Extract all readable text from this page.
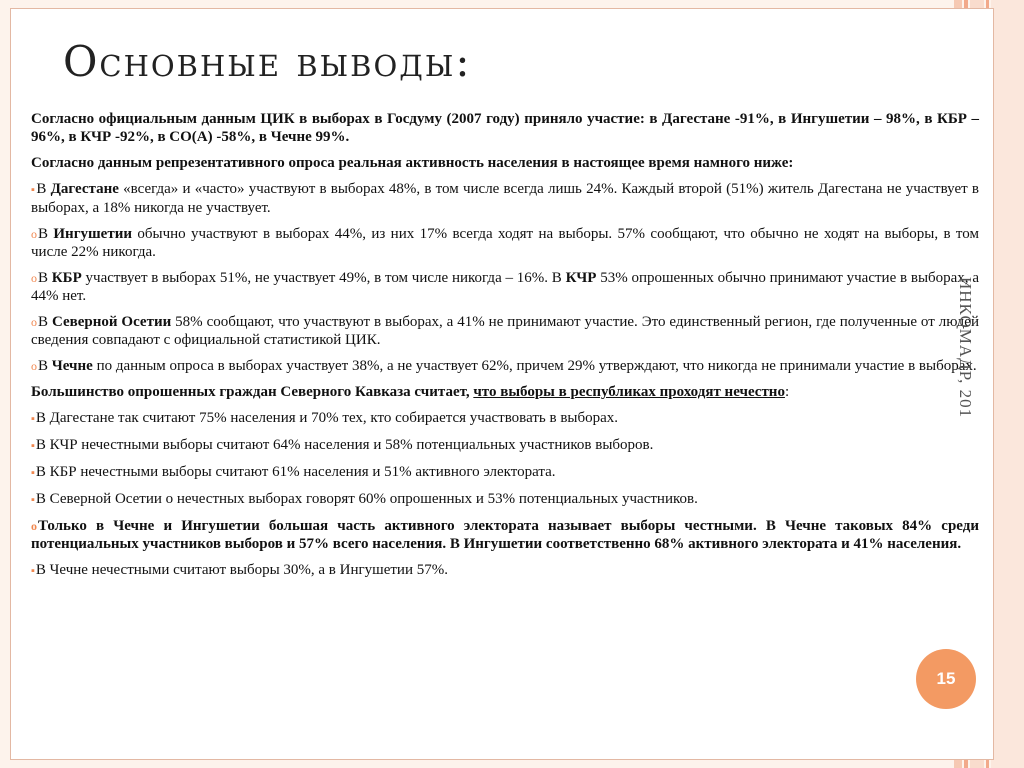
Основные выводы:

Согласно официальным данным ЦИК в выборах в Госдуму (2007 году) приняло участие: в Дагестане -91%, в Ингушетии – 98%, в КБР – 96%, в КЧР -92%, в СО(А) -58%, в Чечне 99%.

Согласно данным репрезентативного опроса реальная активность населения в настоящее время намного ниже:

▪В Дагестане «всегда» и «часто» участвуют в выборах 48%, в том числе всегда лишь 24%. Каждый второй (51%) житель Дагестана не участвует в выборах, а 18% никогда не участвует.

oВ Ингушетии обычно участвуют в выборах 44%, из них 17% всегда ходят на выборы. 57% сообщают, что обычно не ходят на выборы, в том числе 22% никогда.

oВ КБР участвует в выборах 51%, не участвует 49%, в том числе никогда – 16%. В КЧР 53% опрошенных обычно принимают участие в выборах, а 44% нет.

oВ Северной Осетии 58% сообщают, что участвуют в выборах, а 41% не принимают участие. Это единственный регион, где полученные от людей сведения совпадают с официальной статистикой ЦИК.

oВ Чечне по данным опроса в выборах участвует 38%, а не участвует 62%, причем 29% утверждают, что никогда не принимали участие в выборах.

Большинство опрошенных граждан Северного Кавказа считает, что выборы в республиках проходят нечестно:

▪В Дагестане так считают 75% населения и 70% тех, кто собирается участвовать в выборах.

▪В КЧР нечестными выборы считают 64% населения и 58% потенциальных участников выборов.

▪В КБР нечестными выборы считают 61% населения и 51% активного электората.

▪В Северной Осетии о нечестных выборах говорят 60% опрошенных и 53% потенциальных участников.

oТолько в Чечне и Ингушетии большая часть активного электората называет выборы честными. В Чечне таковых 84% среди потенциальных участников выборов и 57% всего населения. В Ингушетии соответственно 68% активного электората и 41% населения.

▪В Чечне нечестными считают выборы 30%, а в Ингушетии 57%.

ИНКОМАДР, 201
15
